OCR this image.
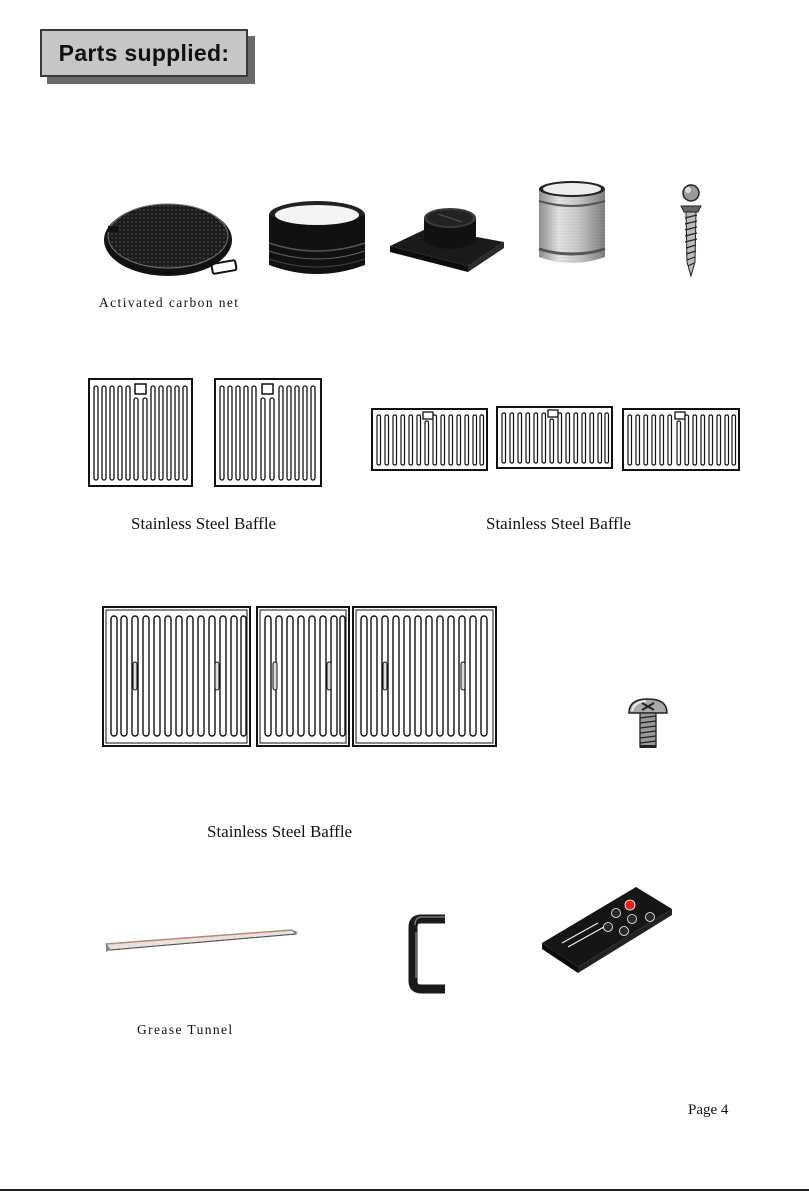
Parts supplied:
Activated carbon net
Stainless Steel Baffle	Stainless Steel Baffle
Stainless Steel Baffle
Grease Tunnel
Page 4
